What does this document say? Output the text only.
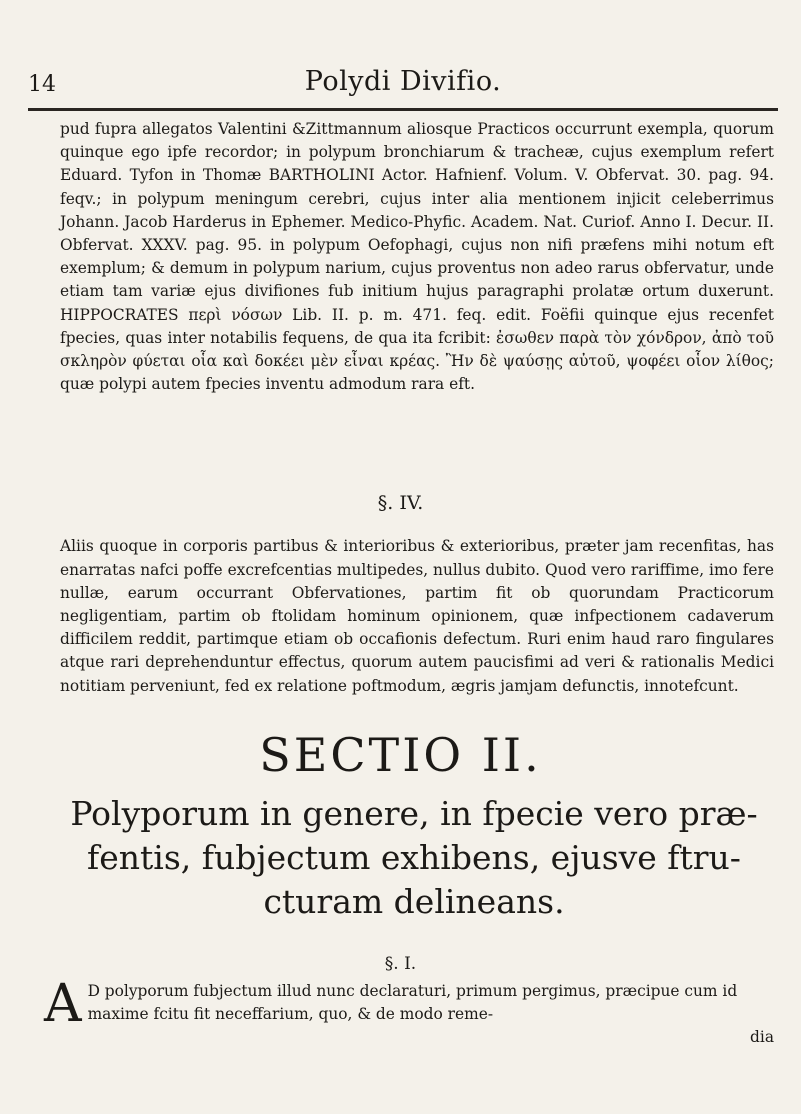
14	Polydi Divifio.

pud fupra allegatos Valentini &Zittmannum aliosque Practicos occurrunt exempla, quorum quinque ego ipfe recordor; in polypum bronchiarum & tracheæ, cujus exemplum refert Eduard. Tyfon in Thomæ BARTHOLINI Actor. Hafnienf. Volum. V. Obfervat. 30. pag. 94. feqv.; in polypum meningum cerebri, cujus inter alia mentionem injicit celeberrimus Johann. Jacob Harderus in Ephemer. Medico-Phyfic. Academ. Nat. Curiof. Anno I. Decur. II. Obfervat. XXXV. pag. 95. in polypum Oefophagi, cujus non nifi præfens mihi notum eft exemplum; & demum in polypum narium, cujus proventus non adeo rarus obfervatur, unde etiam tam variæ ejus divifiones fub initium hujus paragraphi prolatæ ortum duxerunt. HIPPOCRATES περὶ νόσων Lib. II. p. m. 471. feq. edit. Foëfii quinque ejus recenfet fpecies, quas inter notabilis fequens, de qua ita fcribit: ἐσωθεν παρὰ τὸν χόνδρον, ἀπὸ τοῦ σκληρὸν φύεται οἷα καὶ δοκέει μὲν εἶναι κρέας. Ἢν δὲ ψαύσῃς αὐτοῦ, ψοφέει οἷον λίθος; quæ polypi autem fpecies inventu admodum rara eft.

§. IV.

Aliis quoque in corporis partibus & interioribus & exterioribus, præter jam recenfitas, has enarratas nafci poffe excrefcentias multipedes, nullus dubito. Quod vero rariffime, imo fere nullæ, earum occurrant Obfervationes, partim fit ob quorundam Practicorum negligentiam, partim ob ftolidam hominum opinionem, quæ infpectionem cadaverum difficilem reddit, partimque etiam ob occafionis defectum. Ruri enim haud raro fingulares atque rari deprehenduntur effectus, quorum autem paucisfimi ad veri & rationalis Medici notitiam perveniunt, fed ex relatione poftmodum, ægris jamjam defunctis, innotefcunt.

SECTIO II.
Polyporum in genere, in fpecie vero præ-
fentis, fubjectum exhibens, ejusve ftru-
cturam delineans.
§. I.
A D polyporum fubjectum illud nunc declaraturi, primum pergimus, præcipue cum id maxime fcitu fit neceffarium, quo, & de modo reme-
dia
